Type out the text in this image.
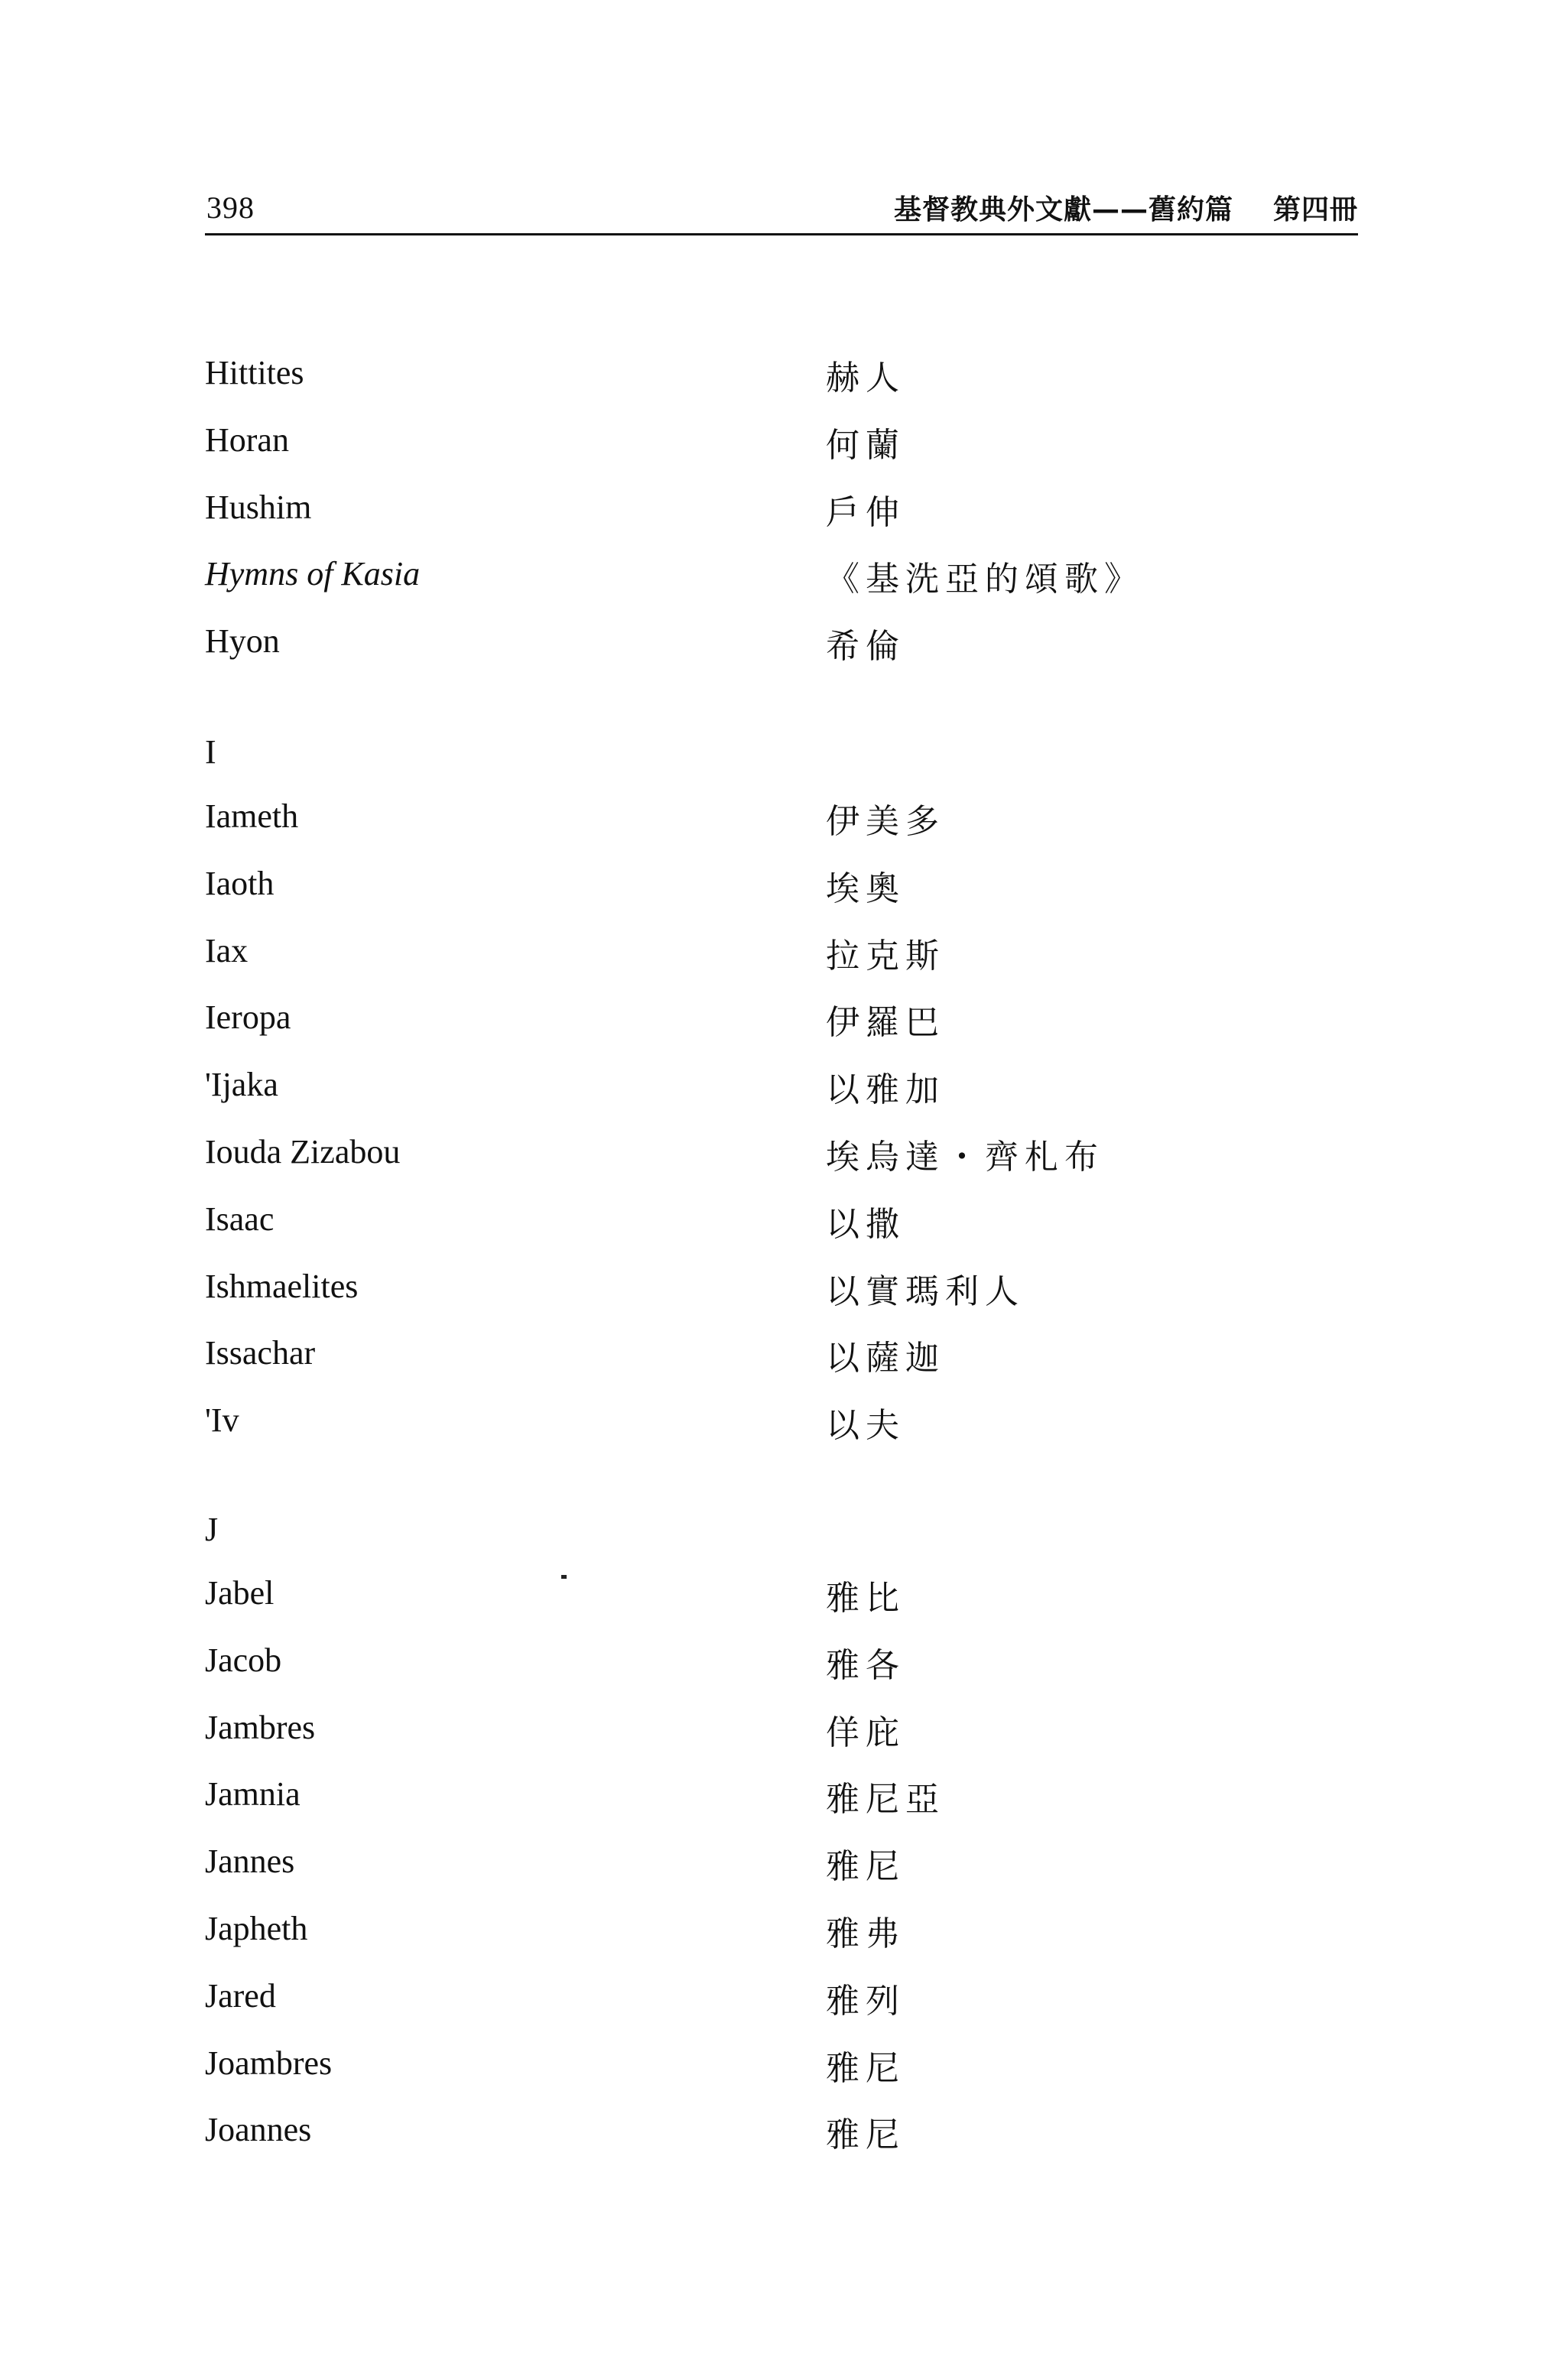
398	基督教典外文獻——舊約篇 第四冊
Hittites	赫人
Horan	何蘭
Hushim	戶伸
Hymns of Kasia	《基洗亞的頌歌》
Hyon	希倫
I
Iameth	伊美多
Iaoth	埃奧
Iax	拉克斯
Ieropa	伊羅巴
'Ijaka	以雅加
Iouda Zizabou	埃烏達・齊札布
Isaac	以撒
Ishmaelites	以實瑪利人
Issachar	以薩迦
'Iv	以夫
J
Jabel	雅比
Jacob	雅各
Jambres	佯庇
Jamnia	雅尼亞
Jannes	雅尼
Japheth	雅弗
Jared	雅列
Joambres	雅尼
Joannes	雅尼
